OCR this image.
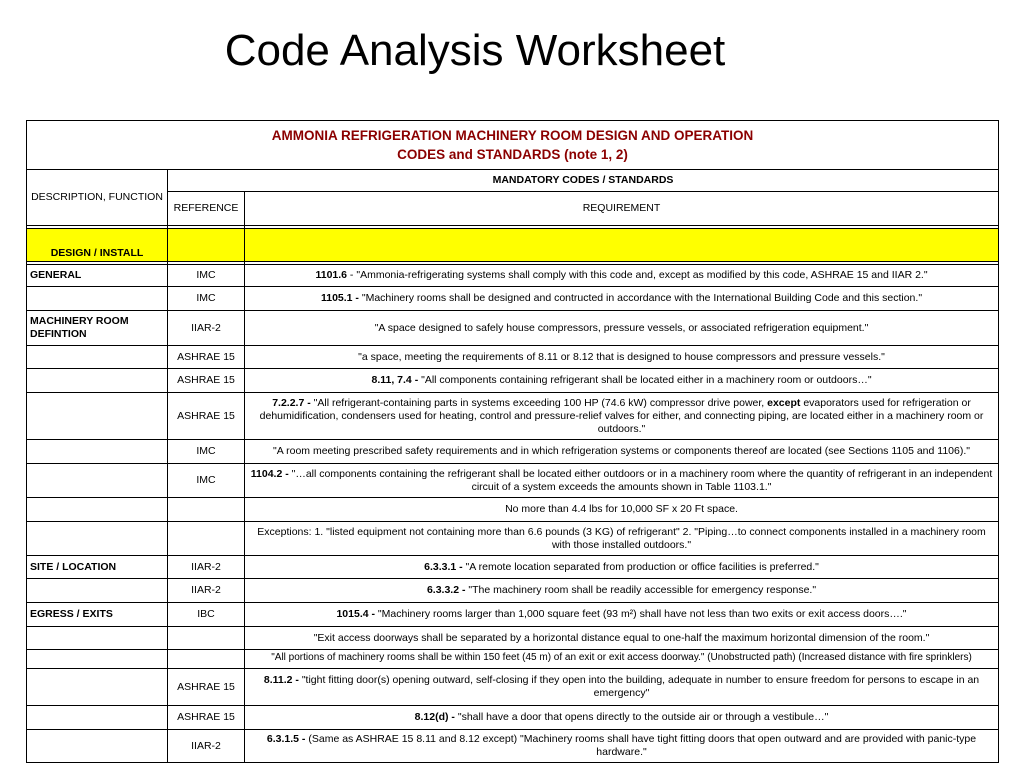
Code Analysis Worksheet
AMMONIA REFRIGERATION MACHINERY ROOM DESIGN AND OPERATION
CODES and STANDARDS (note 1, 2)		

DESCRIPTION, FUNCTION	MANDATORY CODES / STANDARDS	
	REFERENCE	REQUIREMENT

DESIGN / INSTALL		

GENERAL	IMC	1101.6 - "Ammonia-refrigerating systems shall comply with this code and, except as modified by this code, ASHRAE 15 and IIAR 2."
	IMC	1105.1 - "Machinery rooms shall be designed and contructed in accordance with the International Building Code and this section."
MACHINERY ROOM DEFINTION	IIAR-2	"A space designed to safely house compressors, pressure vessels, or associated refrigeration equipment."
	ASHRAE 15	"a space, meeting the requirements of 8.11 or 8.12 that is designed to house compressors and pressure vessels."
	ASHRAE 15	8.11, 7.4 - "All components containing refrigerant shall be located either in a machinery room or outdoors…"
	ASHRAE 15	7.2.2.7 - "All refrigerant-containing parts in systems exceeding 100 HP (74.6 kW) compressor drive power, except evaporators used for refrigeration or dehumidification, condensers used for heating, control and pressure-relief valves for either, and connecting piping, are located either in a machinery room or outdoors."
	IMC	"A room meeting prescribed safety requirements and in which refrigeration systems or components thereof are located (see Sections 1105 and 1106)."
	IMC	1104.2 - "…all components containing the refrigerant shall be located either outdoors or in a machinery room where the quantity of refrigerant in an independent circuit of a system exceeds the amounts shown in Table 1103.1."
		No more than 4.4 lbs for 10,000 SF x 20 Ft space.
		Exceptions: 1. "listed equipment not containing more than 6.6 pounds (3 KG) of refrigerant" 2. "Piping…to connect components installed in a machinery room with those installed outdoors."
SITE / LOCATION	IIAR-2	6.3.3.1 - "A remote location separated from production or office facilities is preferred."
	IIAR-2	6.3.3.2 - "The machinery room shall be readily accessible for emergency response."
EGRESS / EXITS	IBC	1015.4 - "Machinery rooms larger than 1,000 square feet (93 m²) shall have not less than two exits or exit access doors…."
		"Exit access doorways shall be separated by a horizontal distance equal to one-half the maximum horizontal dimension of the room."

		"All portions of machinery rooms shall be within 150 feet (45 m) of an exit or exit access doorway." (Unobstructed path) (Increased distance with fire sprinklers)

	ASHRAE 15	8.11.2 - "tight fitting door(s) opening outward, self-closing if they open into the building, adequate in number to ensure freedom for persons to escape in an emergency"
	ASHRAE 15	8.12(d) - "shall have a door that opens directly to the outside air or through a vestibule…"
	IIAR-2	6.3.1.5 - (Same as ASHRAE 15 8.11 and 8.12 except) "Machinery rooms shall have tight fitting doors that open outward and are provided with panic-type hardware."
